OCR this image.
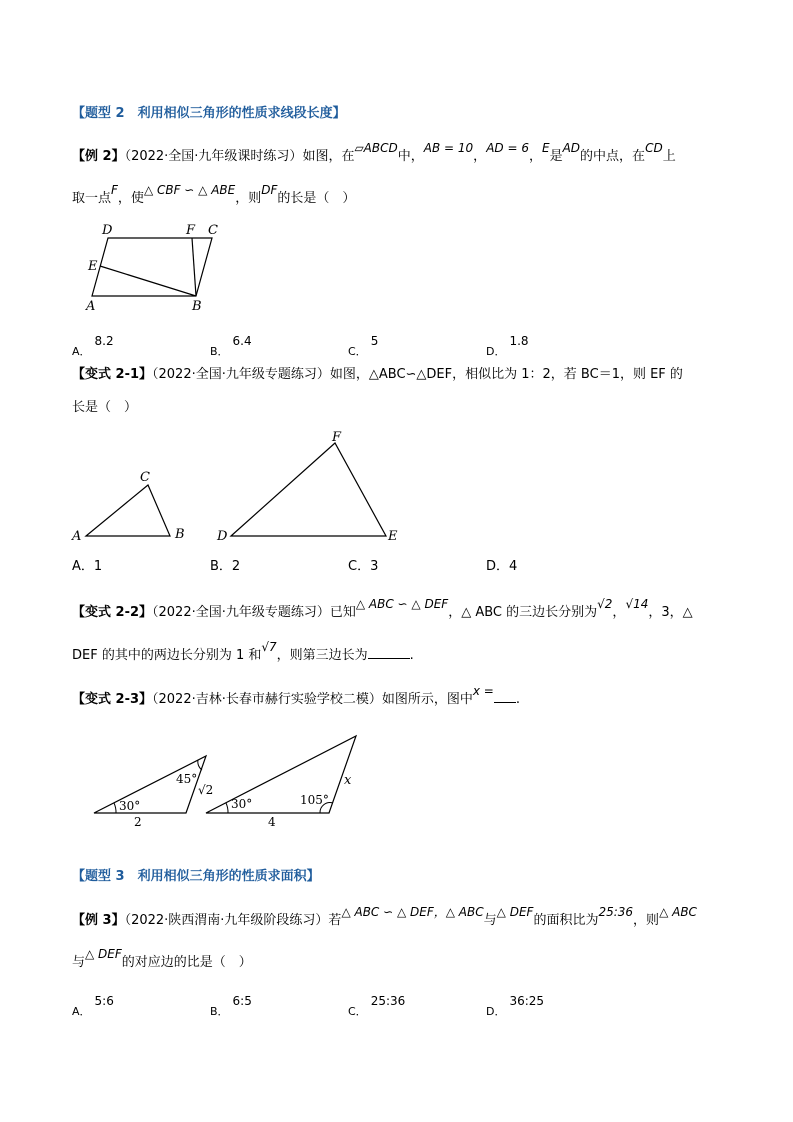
【题型 2　利用相似三角形的性质求线段长度】
【例 2】（2022·全国·九年级课时练习）如图，在▱ABCD中，AB = 10，AD = 6，E是AD的中点，在CD上
取一点F，使△ CBF ∽ △ ABE，则DF的长是（　）
D	F C
E
A	B
A．$^{8.2}$
B．$^{6.4}$
C．$^5$
D．$^{1.8}$
【变式 2-1】（2022·全国·九年级专题练习）如图，△ABC∽△DEF，相似比为 1：2，若 BC＝1，则 EF 的
长是（　）
A	B
C
D	E
F
A．1	B．2	C．3	D．4
【变式 2-2】（2022·全国·九年级专题练习）已知△ ABC ∽ △ DEF，△ ABC 的三边长分别为√2，√14，3，△
DEF 的其中的两边长分别为 1 和√7，则第三边长为	.
【变式 2-3】（2022·吉林·长春市赫行实验学校二模）如图所示，图中x =.
30°
45°
√2
2
30°	105°
x
4
【题型 3　利用相似三角形的性质求面积】
【例 3】（2022·陕西渭南·九年级阶段练习）若△ ABC ∽ △ DEF，△ ABC与△ DEF的面积比为25:36，则△ ABC
与△ DEF的对应边的比是（　）
A．$^{5:6}$
B．$^{6:5}$
C．$^{25:36}$
D．$^{36:25}$
